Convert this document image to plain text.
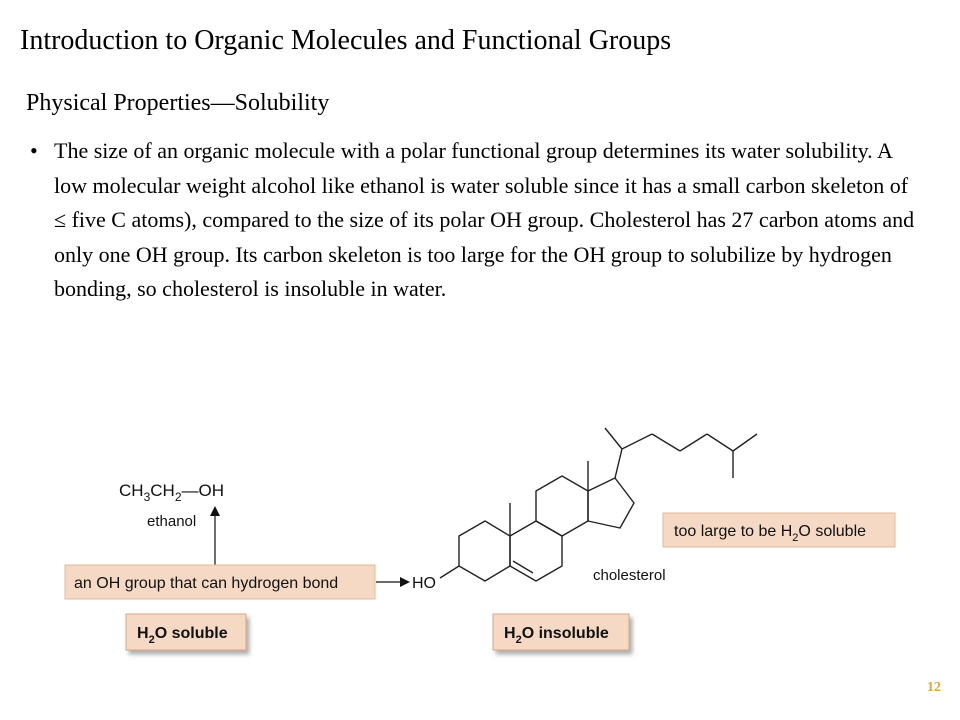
Introduction to Organic Molecules and Functional Groups
Physical Properties—Solubility
• The size of an organic molecule with a polar functional group determines its water solubility. A low molecular weight alcohol like ethanol is water soluble since it has a small carbon skeleton of ≤ five C atoms), compared to the size of its polar OH group. Cholesterol has 27 carbon atoms and only one OH group. Its carbon skeleton is too large for the OH group to solubilize by hydrogen bonding, so cholesterol is insoluble in water.
$CH_3CH_2—OH$
ethanol
an OH group that can hydrogen bond
$H_2O$ soluble	$H_2O$ insoluble
too large to be $H_2O$ soluble
HO	cholesterol
12
